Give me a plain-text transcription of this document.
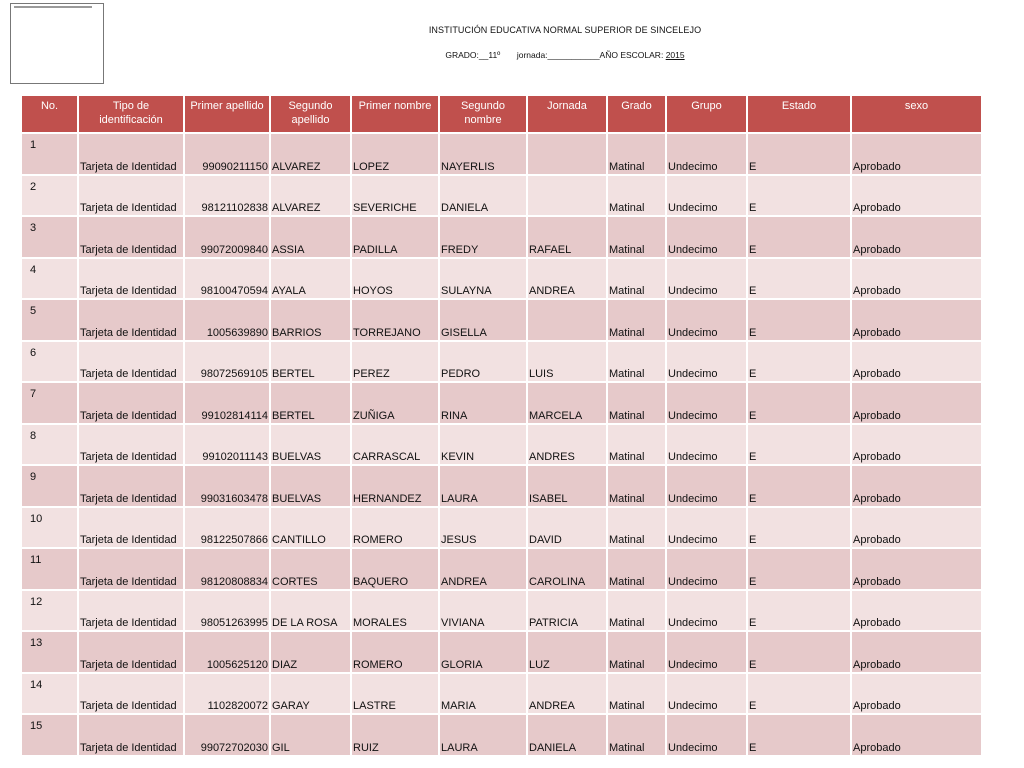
INSTITUCIÓN EDUCATIVA NORMAL SUPERIOR DE SINCELEJO
GRADO:__11º jornada:___________AÑO ESCOLAR: 2015
No.	Tipo de identificación	Primer apellido	Segundo apellido	Primer nombre	Segundo nombre	Jornada	Grado	Grupo	Estado	sexo
1	Tarjeta de Identidad	99090211150	ALVAREZ	LOPEZ	NAYERLIS		Matinal	Undecimo	E	Aprobado
2	Tarjeta de Identidad	98121102838	ALVAREZ	SEVERICHE	DANIELA		Matinal	Undecimo	E	Aprobado
3	Tarjeta de Identidad	99072009840	ASSIA	PADILLA	FREDY	RAFAEL	Matinal	Undecimo	E	Aprobado
4	Tarjeta de Identidad	98100470594	AYALA	HOYOS	SULAYNA	ANDREA	Matinal	Undecimo	E	Aprobado
5	Tarjeta de Identidad	1005639890	BARRIOS	TORREJANO	GISELLA		Matinal	Undecimo	E	Aprobado
6	Tarjeta de Identidad	98072569105	BERTEL	PEREZ	PEDRO	LUIS	Matinal	Undecimo	E	Aprobado
7	Tarjeta de Identidad	99102814114	BERTEL	ZUÑIGA	RINA	MARCELA	Matinal	Undecimo	E	Aprobado
8	Tarjeta de Identidad	99102011143	BUELVAS	CARRASCAL	KEVIN	ANDRES	Matinal	Undecimo	E	Aprobado
9	Tarjeta de Identidad	99031603478	BUELVAS	HERNANDEZ	LAURA	ISABEL	Matinal	Undecimo	E	Aprobado
10	Tarjeta de Identidad	98122507866	CANTILLO	ROMERO	JESUS	DAVID	Matinal	Undecimo	E	Aprobado
11	Tarjeta de Identidad	98120808834	CORTES	BAQUERO	ANDREA	CAROLINA	Matinal	Undecimo	E	Aprobado
12	Tarjeta de Identidad	98051263995	DE LA ROSA	MORALES	VIVIANA	PATRICIA	Matinal	Undecimo	E	Aprobado
13	Tarjeta de Identidad	1005625120	DIAZ	ROMERO	GLORIA	LUZ	Matinal	Undecimo	E	Aprobado
14	Tarjeta de Identidad	1102820072	GARAY	LASTRE	MARIA	ANDREA	Matinal	Undecimo	E	Aprobado
15	Tarjeta de Identidad	99072702030	GIL	RUIZ	LAURA	DANIELA	Matinal	Undecimo	E	Aprobado
